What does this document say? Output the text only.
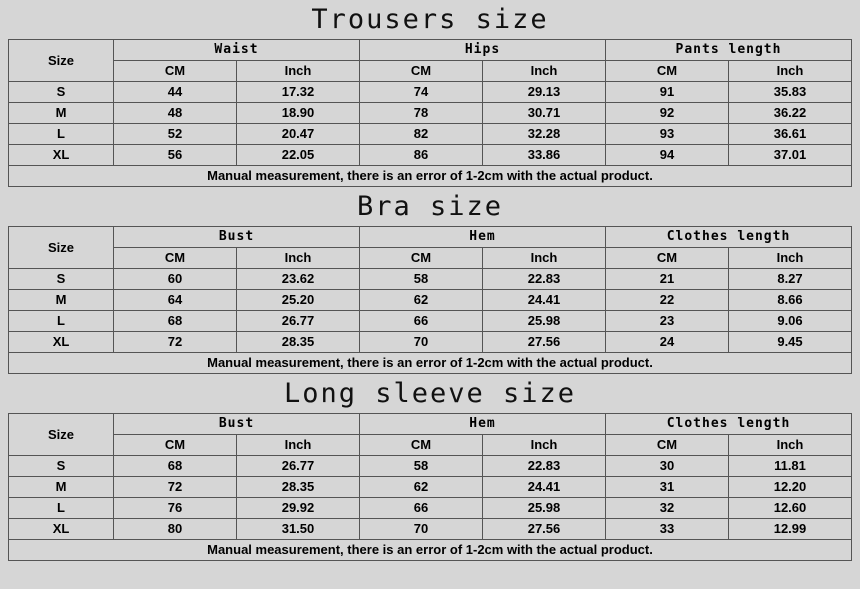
Trousers size
Size	Waist		Hips		Pants length	
	CM	Inch	CM	Inch	CM	Inch
S	44	17.32	74	29.13	91	35.83
M	48	18.90	78	30.71	92	36.22
L	52	20.47	82	32.28	93	36.61
XL	56	22.05	86	33.86	94	37.01
Manual measurement, there is an error of 1-2cm with the actual product.						
Bra size
Size	Bust		Hem		Clothes length	
	CM	Inch	CM	Inch	CM	Inch
S	60	23.62	58	22.83	21	8.27
M	64	25.20	62	24.41	22	8.66
L	68	26.77	66	25.98	23	9.06
XL	72	28.35	70	27.56	24	9.45
Manual measurement, there is an error of 1-2cm with the actual product.						
Long sleeve size
Size	Bust		Hem		Clothes length	
	CM	Inch	CM	Inch	CM	Inch
S	68	26.77	58	22.83	30	11.81
M	72	28.35	62	24.41	31	12.20
L	76	29.92	66	25.98	32	12.60
XL	80	31.50	70	27.56	33	12.99
Manual measurement, there is an error of 1-2cm with the actual product.						
